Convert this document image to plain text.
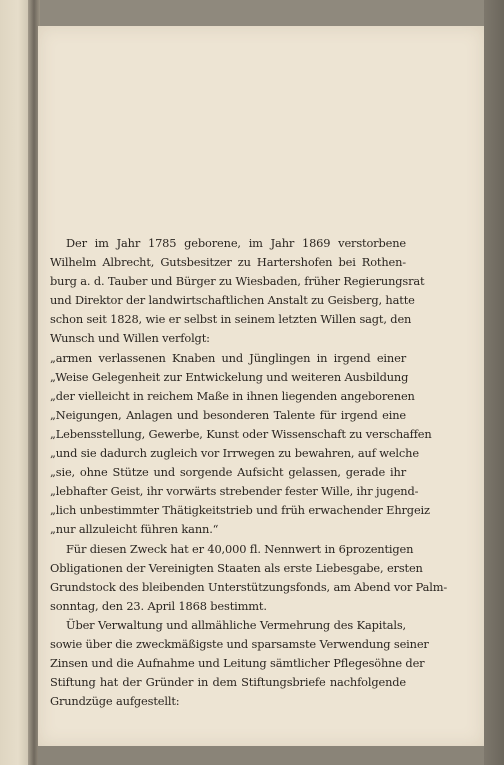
Der im Jahr 1785 geborene, im Jahr 1869 verstorbene
Wilhelm Albrecht, Gutsbesitzer zu Hartershofen bei Rothen-
burg a. d. Tauber und Bürger zu Wiesbaden, früher Regierungsrat
und Direktor der landwirtschaftlichen Anstalt zu Geisberg, hatte
schon seit 1828, wie er selbst in seinem letzten Willen sagt, den
Wunsch und Willen verfolgt:
„armen verlassenen Knaben und Jünglingen in irgend einer
„Weise Gelegenheit zur Entwickelung und weiteren Ausbildung
„der vielleicht in reichem Maße in ihnen liegenden angeborenen
„Neigungen, Anlagen und besonderen Talente für irgend eine
„Lebensstellung, Gewerbe, Kunst oder Wissenschaft zu verschaffen
„und sie dadurch zugleich vor Irrwegen zu bewahren, auf welche
„sie, ohne Stütze und sorgende Aufsicht gelassen, gerade ihr
„lebhafter Geist, ihr vorwärts strebender fester Wille, ihr jugend-
„lich unbestimmter Thätigkeitstrieb und früh erwachender Ehrgeiz
„nur allzuleicht führen kann.“
Für diesen Zweck hat er 40,000 fl. Nennwert in 6prozentigen
Obligationen der Vereinigten Staaten als erste Liebesgabe, ersten
Grundstock des bleibenden Unterstützungsfonds, am Abend vor Palm-
sonntag, den 23. April 1868 bestimmt.
Über Verwaltung und allmähliche Vermehrung des Kapitals,
sowie über die zweckmäßigste und sparsamste Verwendung seiner
Zinsen und die Aufnahme und Leitung sämtlicher Pflegesöhne der
Stiftung hat der Gründer in dem Stiftungsbriefe nachfolgende
Grundzüge aufgestellt:
